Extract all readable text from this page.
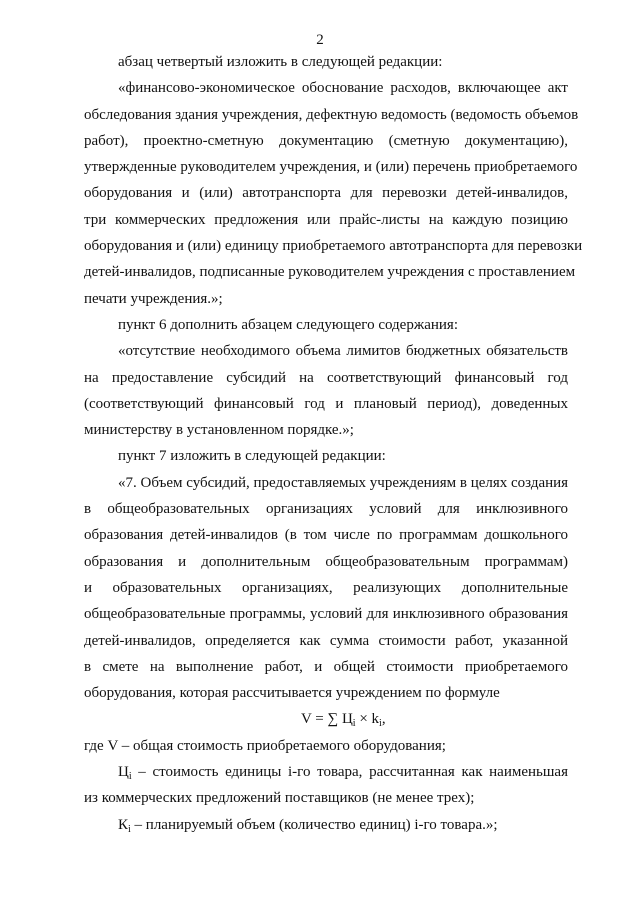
2
абзац четвертый изложить в следующей редакции:
«финансово-экономическое обоснование расходов, включающее акт
обследования здания учреждения, дефектную ведомость (ведомость объемов
работ), проектно-сметную документацию (сметную документацию),
утвержденные руководителем учреждения, и (или) перечень приобретаемого
оборудования и (или) автотранспорта для перевозки детей-инвалидов,
три коммерческих предложения или прайс-листы на каждую позицию
оборудования и (или) единицу приобретаемого автотранспорта для перевозки
детей-инвалидов, подписанные руководителем учреждения с проставлением
печати учреждения.»;
пункт 6 дополнить абзацем следующего содержания:
«отсутствие необходимого объема лимитов бюджетных обязательств
на предоставление субсидий на соответствующий финансовый год
(соответствующий финансовый год и плановый период), доведенных
министерству в установленном порядке.»;
пункт 7 изложить в следующей редакции:
«7. Объем субсидий, предоставляемых учреждениям в целях создания
в общеобразовательных организациях условий для инклюзивного
образования детей-инвалидов (в том числе по программам дошкольного
образования и дополнительным общеобразовательным программам)
и образовательных организациях, реализующих дополнительные
общеобразовательные программы, условий для инклюзивного образования
детей-инвалидов, определяется как сумма стоимости работ, указанной
в смете на выполнение работ, и общей стоимости приобретаемого
оборудования, которая рассчитывается учреждением по формуле
V = ∑ $Ц_i \times k_i$,
где V – общая стоимость приобретаемого оборудования;
$Ц_i$ – стоимость единицы i-го товара, рассчитанная как наименьшая
из коммерческих предложений поставщиков (не менее трех);
$К_i$ – планируемый объем (количество единиц) i-го товара.»;
